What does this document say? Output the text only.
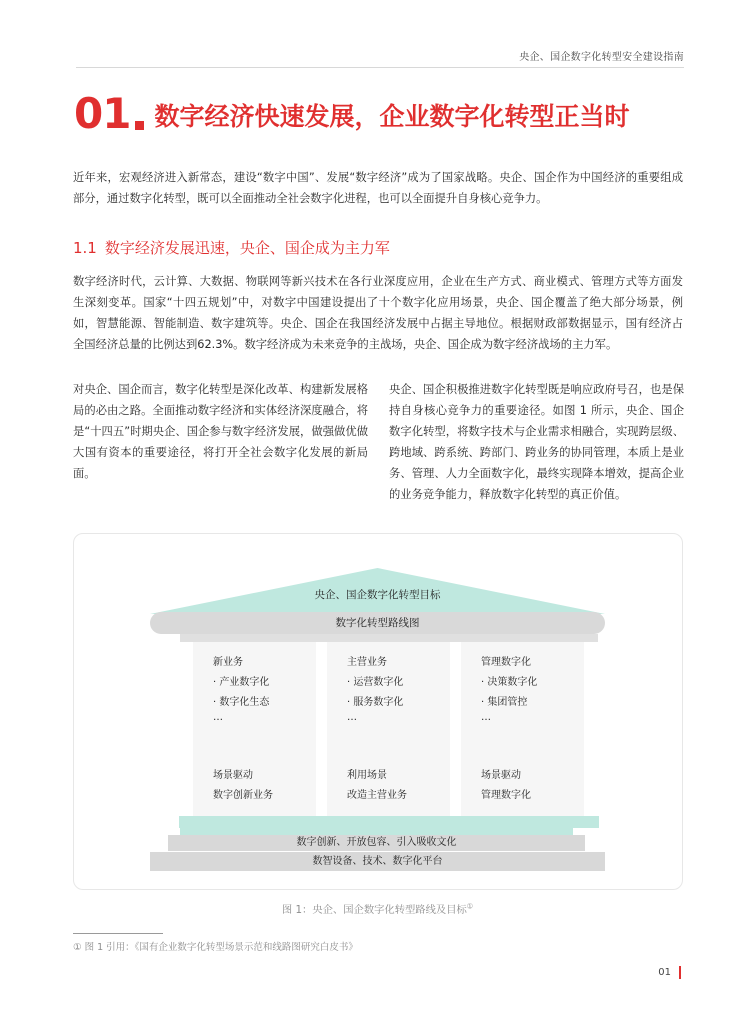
央企、国企数字化转型安全建设指南
01 数字经济快速发展，企业数字化转型正当时
近年来，宏观经济进入新常态，建设“数字中国”、发展“数字经济”成为了国家战略。央企、国企作为中国经济的重要组成部分，通过数字化转型，既可以全面推动全社会数字化进程，也可以全面提升自身核心竞争力。
1.1 数字经济发展迅速，央企、国企成为主力军
数字经济时代，云计算、大数据、物联网等新兴技术在各行业深度应用，企业在生产方式、商业模式、管理方式等方面发生深刻变革。国家“十四五规划”中，对数字中国建设提出了十个数字化应用场景，央企、国企覆盖了绝大部分场景，例如，智慧能源、智能制造、数字建筑等。央企、国企在我国经济发展中占据主导地位。根据财政部数据显示，国有经济占全国经济总量的比例达到62.3%。数字经济成为未来竞争的主战场，央企、国企成为数字经济战场的主力军。
对央企、国企而言，数字化转型是深化改革、构建新发展格局的必由之路。全面推动数字经济和实体经济深度融合，将是“十四五”时期央企、国企参与数字经济发展，做强做优做大国有资本的重要途径，将打开全社会数字化发展的新局面。
央企、国企积极推进数字化转型既是响应政府号召，也是保持自身核心竞争力的重要途径。如图 1 所示，央企、国企数字化转型，将数字技术与企业需求相融合，实现跨层级、跨地域、跨系统、跨部门、跨业务的协同管理，本质上是业务、管理、人力全面数字化，最终实现降本增效，提高企业的业务竞争能力，释放数字化转型的真正价值。
央企、国企数字化转型目标
数字化转型路线图
新业务
· 产业数字化
· 数字化生态
…
场景驱动
数字创新业务
主营业务
· 运营数字化
· 服务数字化
…
利用场景
改造主营业务
管理数字化
· 决策数字化
· 集团管控
…
场景驱动
管理数字化
数字创新、开放包容、引入吸收文化
数智设备、技术、数字化平台
图 1：央企、国企数字化转型路线及目标①
① 图 1 引用：《国有企业数字化转型场景示范和线路图研究白皮书》
01
